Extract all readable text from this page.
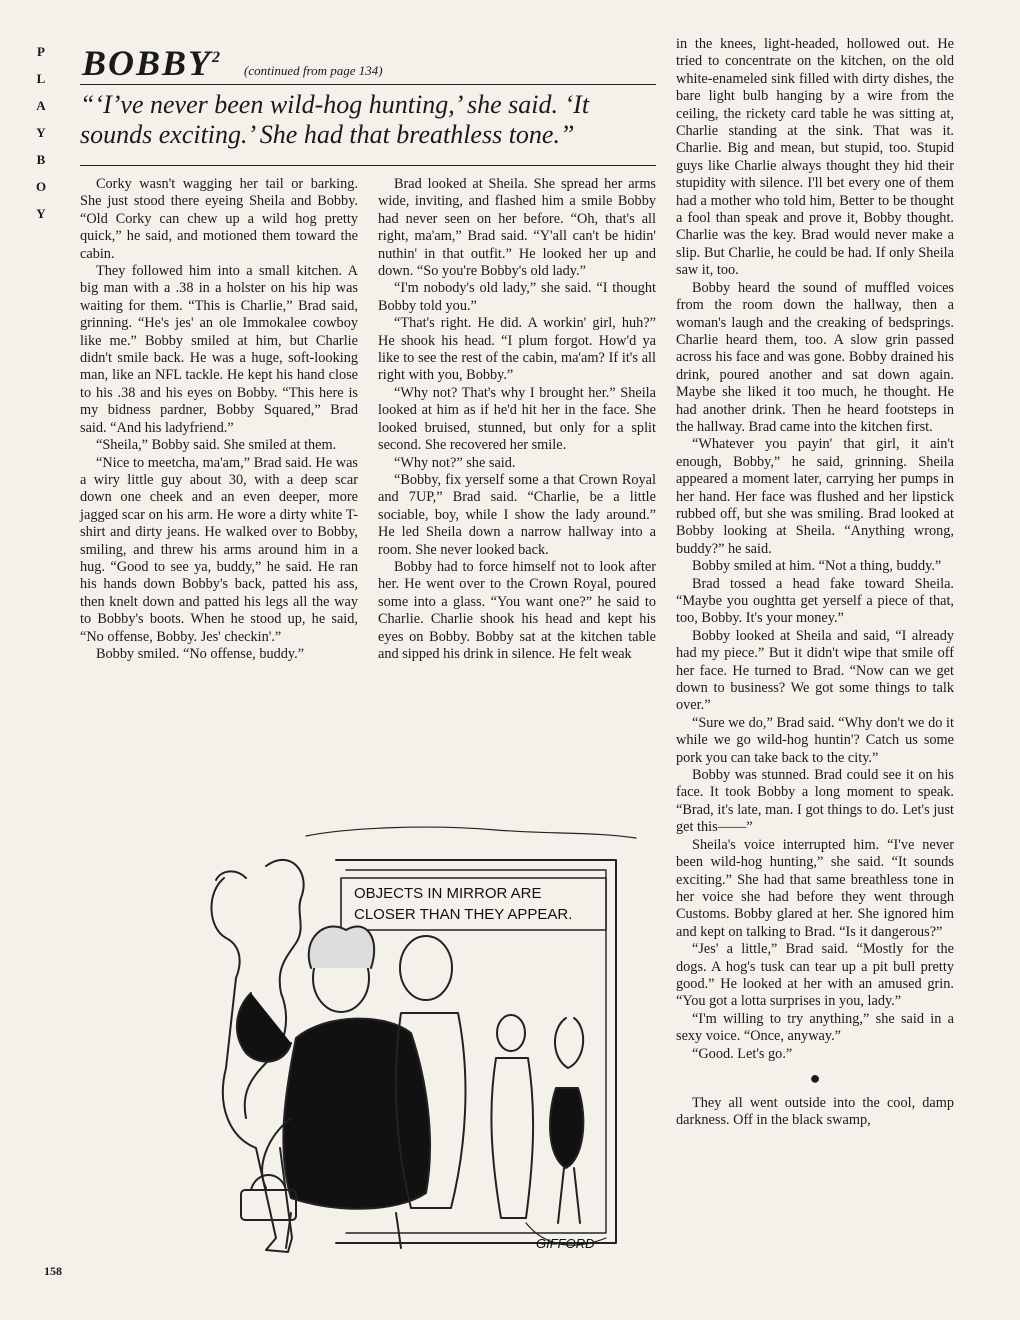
P
L
A
Y
B
O
Y
BOBBY$^2$
(continued from page 134)
“‘I’ve never been wild-hog hunting,’ she said. ‘It sounds exciting.’ She had that breathless tone.”

Corky wasn't wagging her tail or barking. She just stood there eyeing Sheila and Bobby. “Old Corky can chew up a wild hog pretty quick,” he said, and motioned them toward the cabin.

They followed him into a small kitchen. A big man with a .38 in a holster on his hip was waiting for them. “This is Charlie,” Brad said, grinning. “He's jes' an ole Immokalee cowboy like me.” Bobby smiled at him, but Charlie didn't smile back. He was a huge, soft-looking man, like an NFL tackle. He kept his hand close to his .38 and his eyes on Bobby. “This here is my bidness pardner, Bobby Squared,” Brad said. “And his ladyfriend.”

“Sheila,” Bobby said. She smiled at them.

“Nice to meetcha, ma'am,” Brad said. He was a wiry little guy about 30, with a deep scar down one cheek and an even deeper, more jagged scar on his arm. He wore a dirty white T-shirt and dirty jeans. He walked over to Bobby, smiling, and threw his arms around him in a hug. “Good to see ya, buddy,” he said. He ran his hands down Bobby's back, patted his ass, then knelt down and patted his legs all the way to Bobby's boots. When he stood up, he said, “No offense, Bobby. Jes' checkin'.”

Bobby smiled. “No offense, buddy.”

Brad looked at Sheila. She spread her arms wide, inviting, and flashed him a smile Bobby had never seen on her before. “Oh, that's all right, ma'am,” Brad said. “Y'all can't be hidin' nuthin' in that outfit.” He looked her up and down. “So you're Bobby's old lady.”

“I'm nobody's old lady,” she said. “I thought Bobby told you.”

“That's right. He did. A workin' girl, huh?” He shook his head. “I plum forgot. How'd ya like to see the rest of the cabin, ma'am? If it's all right with you, Bobby.”

“Why not? That's why I brought her.” Sheila looked at him as if he'd hit her in the face. She looked bruised, stunned, but only for a split second. She recovered her smile.

“Why not?” she said.

“Bobby, fix yerself some a that Crown Royal and 7UP,” Brad said. “Charlie, be a little sociable, boy, while I show the lady around.” He led Sheila down a narrow hallway into a room. She never looked back.

Bobby had to force himself not to look after her. He went over to the Crown Royal, poured some into a glass. “You want one?” he said to Charlie. Charlie shook his head and kept his eyes on Bobby. Bobby sat at the kitchen table and sipped his drink in silence. He felt weak

in the knees, light-headed, hollowed out. He tried to concentrate on the kitchen, on the old white-enameled sink filled with dirty dishes, the bare light bulb hanging by a wire from the ceiling, the rickety card table he was sitting at, Charlie standing at the sink. That was it. Charlie. Big and mean, but stupid, too. Stupid guys like Charlie always thought they hid their stupidity with silence. I'll bet every one of them had a mother who told him, Better to be thought a fool than speak and prove it, Bobby thought. Charlie was the key. Brad would never make a slip. But Charlie, he could be had. If only Sheila saw it, too.

Bobby heard the sound of muffled voices from the room down the hallway, then a woman's laugh and the creaking of bedsprings. Charlie heard them, too. A slow grin passed across his face and was gone. Bobby drained his drink, poured another and sat down again. Maybe she liked it too much, he thought. He had another drink. Then he heard footsteps in the hallway. Brad came into the kitchen first.

“Whatever you payin' that girl, it ain't enough, Bobby,” he said, grinning. Sheila appeared a moment later, carrying her pumps in her hand. Her face was flushed and her lipstick rubbed off, but she was smiling. Brad looked at Bobby looking at Sheila. “Anything wrong, buddy?” he said.

Bobby smiled at him. “Not a thing, buddy.”

Brad tossed a head fake toward Sheila. “Maybe you oughtta get yerself a piece of that, too, Bobby. It's your money.”

Bobby looked at Sheila and said, “I already had my piece.” But it didn't wipe that smile off her face. He turned to Brad. “Now can we get down to business? We got some things to talk over.”

“Sure we do,” Brad said. “Why don't we do it while we go wild-hog huntin'? Catch us some pork you can take back to the city.”

Bobby was stunned. Brad could see it on his face. It took Bobby a long moment to speak. “Brad, it's late, man. I got things to do. Let's just get this——”

Sheila's voice interrupted him. “I've never been wild-hog hunting,” she said. “It sounds exciting.” She had that same breathless tone in her voice she had before they went through Customs. Bobby glared at her. She ignored him and kept on talking to Brad. “Is it dangerous?”

“Jes' a little,” Brad said. “Mostly for the dogs. A hog's tusk can tear up a pit bull pretty good.” He looked at her with an amused grin. “You got a lotta surprises in you, lady.”

“I'm willing to try anything,” she said in a sexy voice. “Once, anyway.”

“Good. Let's go.”

●

They all went outside into the cool, damp darkness. Off in the black swamp,

OBJECTS IN MIRROR ARE
CLOSER THAN THEY APPEAR.
GIFFORD
158
